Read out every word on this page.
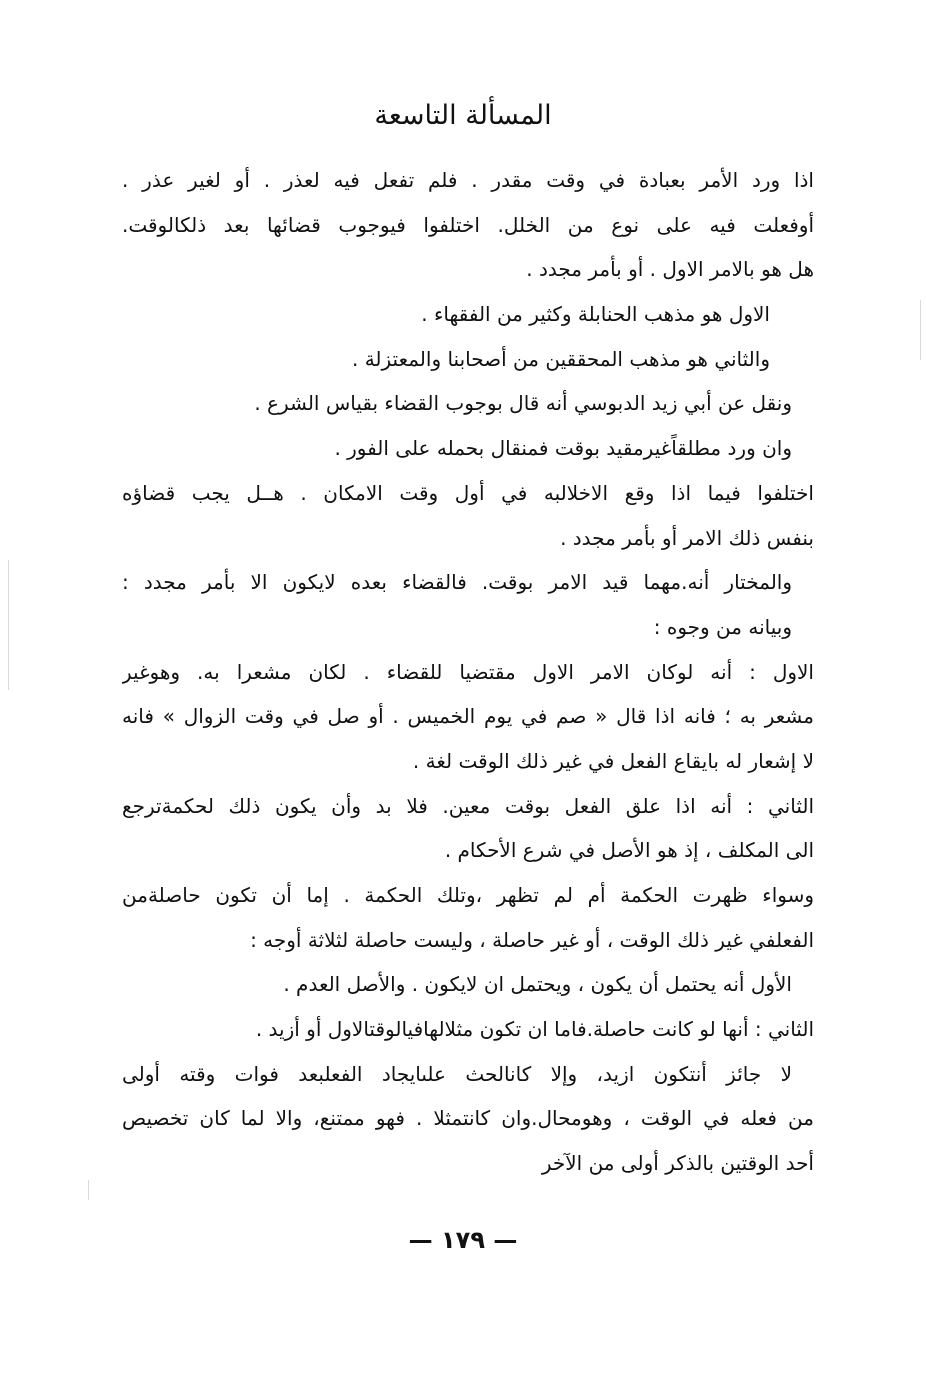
المسألة التاسعة
اذا ورد الأمر بعبادة في وقت مقدر . فلم تفعل فيه لعذر . أو لغير عذر .
أوفعلت فيه على نوع من الخلل. اختلفوا فيوجوب قضائها بعد ذلكالوقت.
هل هو بالامر الاول . أو بأمر مجدد .
الاول هو مذهب الحنابلة وكثير من الفقهاء .
والثاني هو مذهب المحققين من أصحابنا والمعتزلة .
ونقل عن أبي زيد الدبوسي أنه قال بوجوب القضاء بقياس الشرع .
وان ورد مطلقاًغيرمقيد بوقت فمنقال بحمله على الفور .
اختلفوا فيما اذا وقع الاخلالبه في أول وقت الامكان . هــل يجب قضاؤه
بنفس ذلك الامر أو بأمر مجدد .
والمختار أنه.مهما قيد الامر بوقت. فالقضاء بعده لايكون الا بأمر مجدد :
وبيانه من وجوه :
الاول : أنه لوكان الامر الاول مقتضيا للقضاء . لكان مشعرا به. وهوغير
مشعر به ؛ فانه اذا قال « صم في يوم الخميس . أو صل في وقت الزوال » فانه
لا إشعار له بايقاع الفعل في غير ذلك الوقت لغة .
الثاني : أنه اذا علق الفعل بوقت معين. فلا بد وأن يكون ذلك لحكمةترجع
الى المكلف ، إذ هو الأصل في شرع الأحكام .
وسواء ظهرت الحكمة أم لم تظهر ،وتلك الحكمة . إما أن تكون حاصلةمن
الفعلفي غير ذلك الوقت ، أو غير حاصلة ، وليست حاصلة لثلاثة أوجه :
الأول أنه يحتمل أن يكون ، ويحتمل ان لايكون . والأصل العدم .
الثاني : أنها لو كانت حاصلة.فاما ان تكون مثلالهافيالوقتالاول أو أزيد .
لا جائز أنتكون ازيد، وإلا كانالحث علىايجاد الفعلبعد فوات وقته أولى
من فعله في الوقت ، وهومحال.وان كانتمثلا . فهو ممتنع، والا لما كان تخصيص
أحد الوقتين بالذكر أولى من الآخر
— ١٧٩ —
